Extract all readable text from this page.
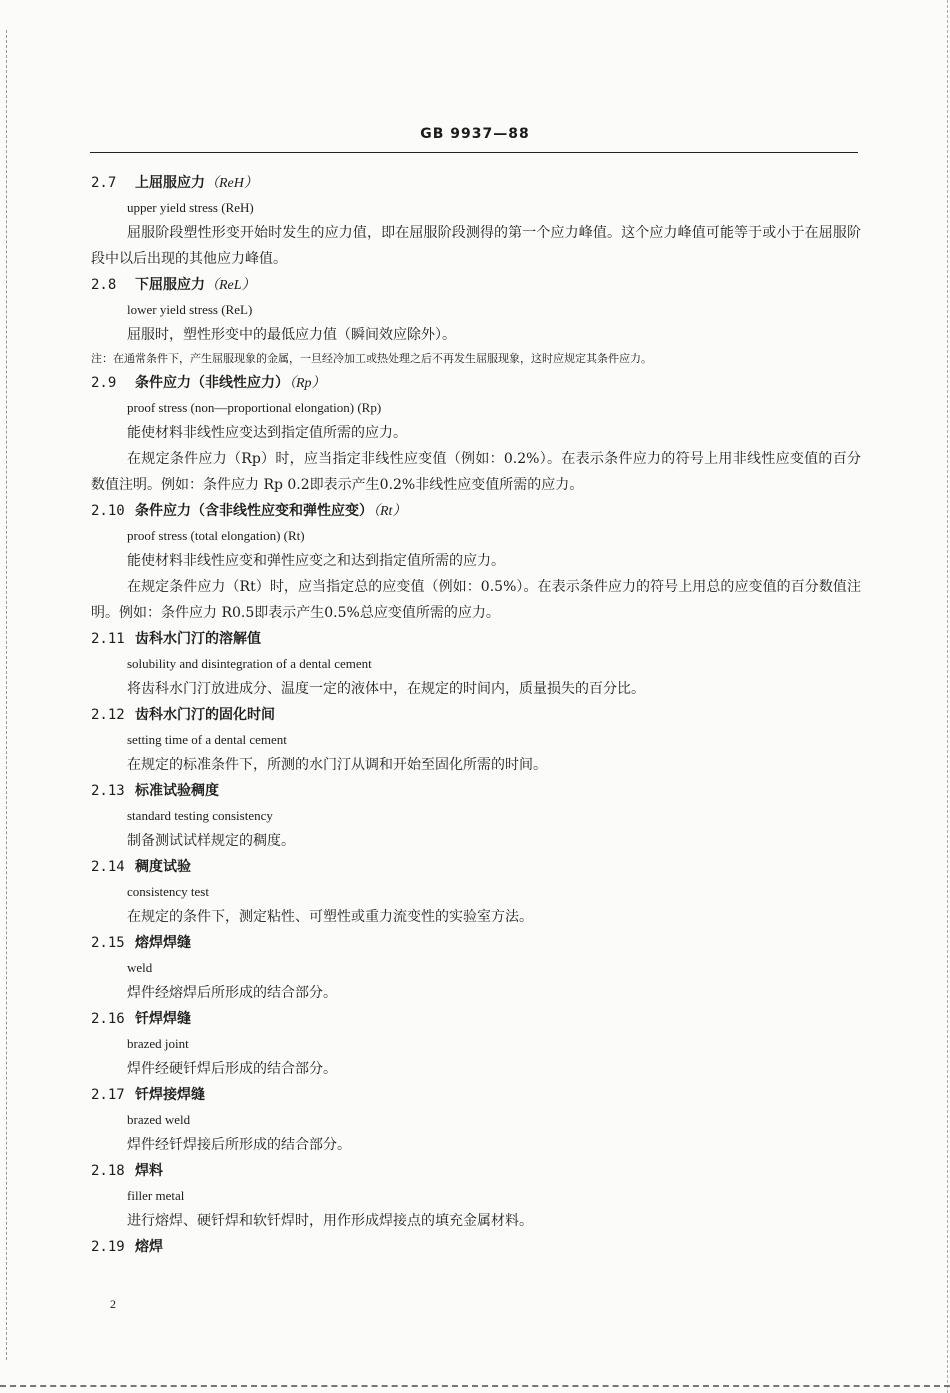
GB 9937—88
2.7 上屈服应力（ReH）
upper yield stress (ReH)
屈服阶段塑性形变开始时发生的应力值，即在屈服阶段测得的第一个应力峰值。这个应力峰值可能等于或小于在屈服阶段中以后出现的其他应力峰值。
2.8 下屈服应力（ReL）
lower yield stress (ReL)
屈服时，塑性形变中的最低应力值（瞬间效应除外）。
注：在通常条件下，产生屈服现象的金属，一旦经冷加工或热处理之后不再发生屈服现象，这时应规定其条件应力。
2.9 条件应力（非线性应力）（Rp）
proof stress (non—proportional elongation) (Rp)
能使材料非线性应变达到指定值所需的应力。
在规定条件应力（Rp）时，应当指定非线性应变值（例如：0.2%）。在表示条件应力的符号上用非线性应变值的百分数值注明。例如：条件应力 Rp 0.2即表示产生0.2%非线性应变值所需的应力。
2.10 条件应力（含非线性应变和弹性应变）（Rt）
proof stress (total elongation) (Rt)
能使材料非线性应变和弹性应变之和达到指定值所需的应力。
在规定条件应力（Rt）时，应当指定总的应变值（例如：0.5%）。在表示条件应力的符号上用总的应变值的百分数值注明。例如：条件应力 R0.5即表示产生0.5%总应变值所需的应力。
2.11 齿科水门汀的溶解值
solubility and disintegration of a dental cement
将齿科水门汀放进成分、温度一定的液体中，在规定的时间内，质量损失的百分比。
2.12 齿科水门汀的固化时间
setting time of a dental cement
在规定的标准条件下，所测的水门汀从调和开始至固化所需的时间。
2.13 标准试验稠度
standard testing consistency
制备测试试样规定的稠度。
2.14 稠度试验
consistency test
在规定的条件下，测定粘性、可塑性或重力流变性的实验室方法。
2.15 熔焊焊缝
weld
焊件经熔焊后所形成的结合部分。
2.16 钎焊焊缝
brazed joint
焊件经硬钎焊后形成的结合部分。
2.17 钎焊接焊缝
brazed weld
焊件经钎焊接后所形成的结合部分。
2.18 焊料
filler metal
进行熔焊、硬钎焊和软钎焊时，用作形成焊接点的填充金属材料。
2.19 熔焊
2
